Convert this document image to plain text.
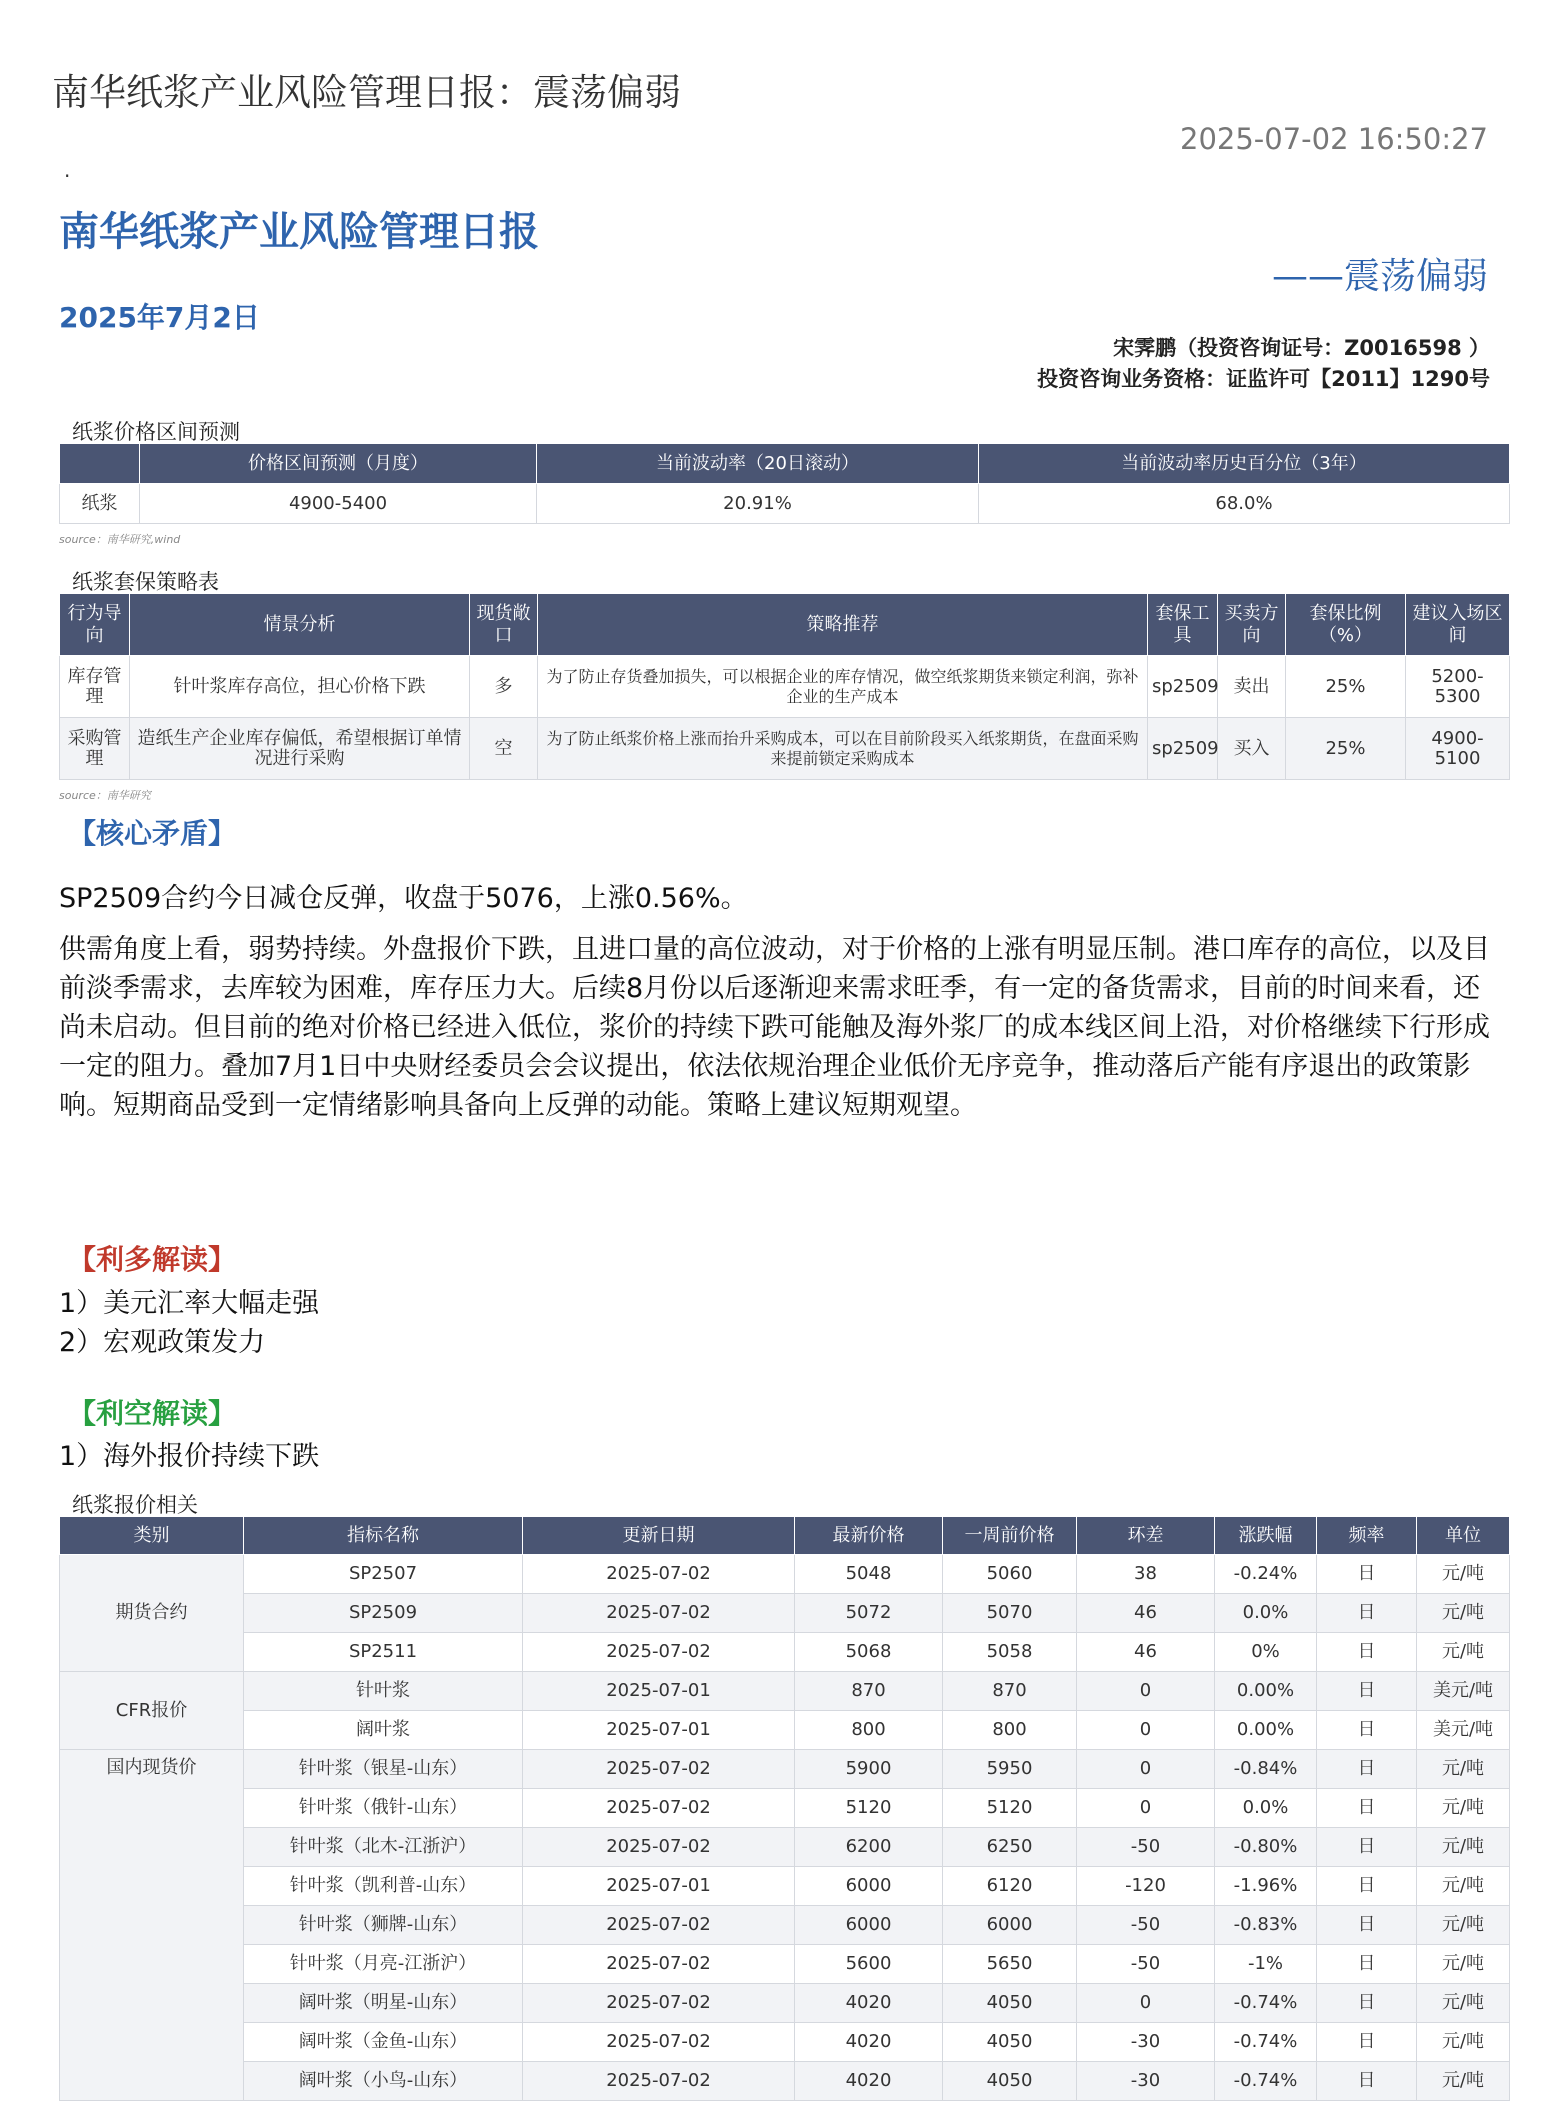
南华纸浆产业风险管理日报：震荡偏弱
2025-07-02 16:50:27
.
南华纸浆产业风险管理日报
——震荡偏弱
2025年7月2日
宋霁鹏（投资咨询证号：Z0016598 ）
投资咨询业务资格：证监许可【2011】1290号
纸浆价格区间预测
	价格区间预测（月度）	当前波动率（20日滚动）	当前波动率历史百分位（3年）
纸浆	4900-5400	20.91%	68.0%
source：南华研究,wind
纸浆套保策略表
行为导向	情景分析	现货敞口	策略推荐	套保工具	买卖方向	套保比例（%）	建议入场区间
库存管理	针叶浆库存高位，担心价格下跌	多	为了防止存货叠加损失，可以根据企业的库存情况，做空纸浆期货来锁定利润，弥补企业的生产成本	sp2509	卖出	25%	5200-5300
采购管理	造纸生产企业库存偏低，希望根据订单情况进行采购	空	为了防止纸浆价格上涨而抬升采购成本，可以在目前阶段买入纸浆期货，在盘面采购来提前锁定采购成本	sp2509	买入	25%	4900-5100
source：南华研究
【核心矛盾】
SP2509合约今日减仓反弹，收盘于5076，上涨0.56%。
供需角度上看，弱势持续。外盘报价下跌，且进口量的高位波动，对于价格的上涨有明显压制。港口库存的高位，以及目前淡季需求，去库较为困难，库存压力大。后续8月份以后逐渐迎来需求旺季，有一定的备货需求，目前的时间来看，还尚未启动。但目前的绝对价格已经进入低位，浆价的持续下跌可能触及海外浆厂的成本线区间上沿，对价格继续下行形成一定的阻力。叠加7月1日中央财经委员会会议提出，依法依规治理企业低价无序竞争，推动落后产能有序退出的政策影响。短期商品受到一定情绪影响具备向上反弹的动能。策略上建议短期观望。
【利多解读】
1）美元汇率大幅走强
2）宏观政策发力
【利空解读】
1）海外报价持续下跌
纸浆报价相关
类别	指标名称	更新日期	最新价格	一周前价格	环差	涨跌幅	频率	单位
期货合约	SP2507	2025-07-02	5048	5060	38	-0.24%	日	元/吨
	SP2509	2025-07-02	5072	5070	46	0.0%	日	元/吨
	SP2511	2025-07-02	5068	5058	46	0%	日	元/吨
CFR报价	针叶浆	2025-07-01	870	870	0	0.00%	日	美元/吨
	阔叶浆	2025-07-01	800	800	0	0.00%	日	美元/吨
国内现货价	针叶浆（银星-山东）	2025-07-02	5900	5950	0	-0.84%	日	元/吨
	针叶浆（俄针-山东）	2025-07-02	5120	5120	0	0.0%	日	元/吨
	针叶浆（北木-江浙沪）	2025-07-02	6200	6250	-50	-0.80%	日	元/吨
	针叶浆（凯利普-山东）	2025-07-01	6000	6120	-120	-1.96%	日	元/吨
	针叶浆（狮牌-山东）	2025-07-02	6000	6000	-50	-0.83%	日	元/吨
	针叶浆（月亮-江浙沪）	2025-07-02	5600	5650	-50	-1%	日	元/吨
	阔叶浆（明星-山东）	2025-07-02	4020	4050	0	-0.74%	日	元/吨
	阔叶浆（金鱼-山东）	2025-07-02	4020	4050	-30	-0.74%	日	元/吨
	阔叶浆（小鸟-山东）	2025-07-02	4020	4050	-30	-0.74%	日	元/吨
